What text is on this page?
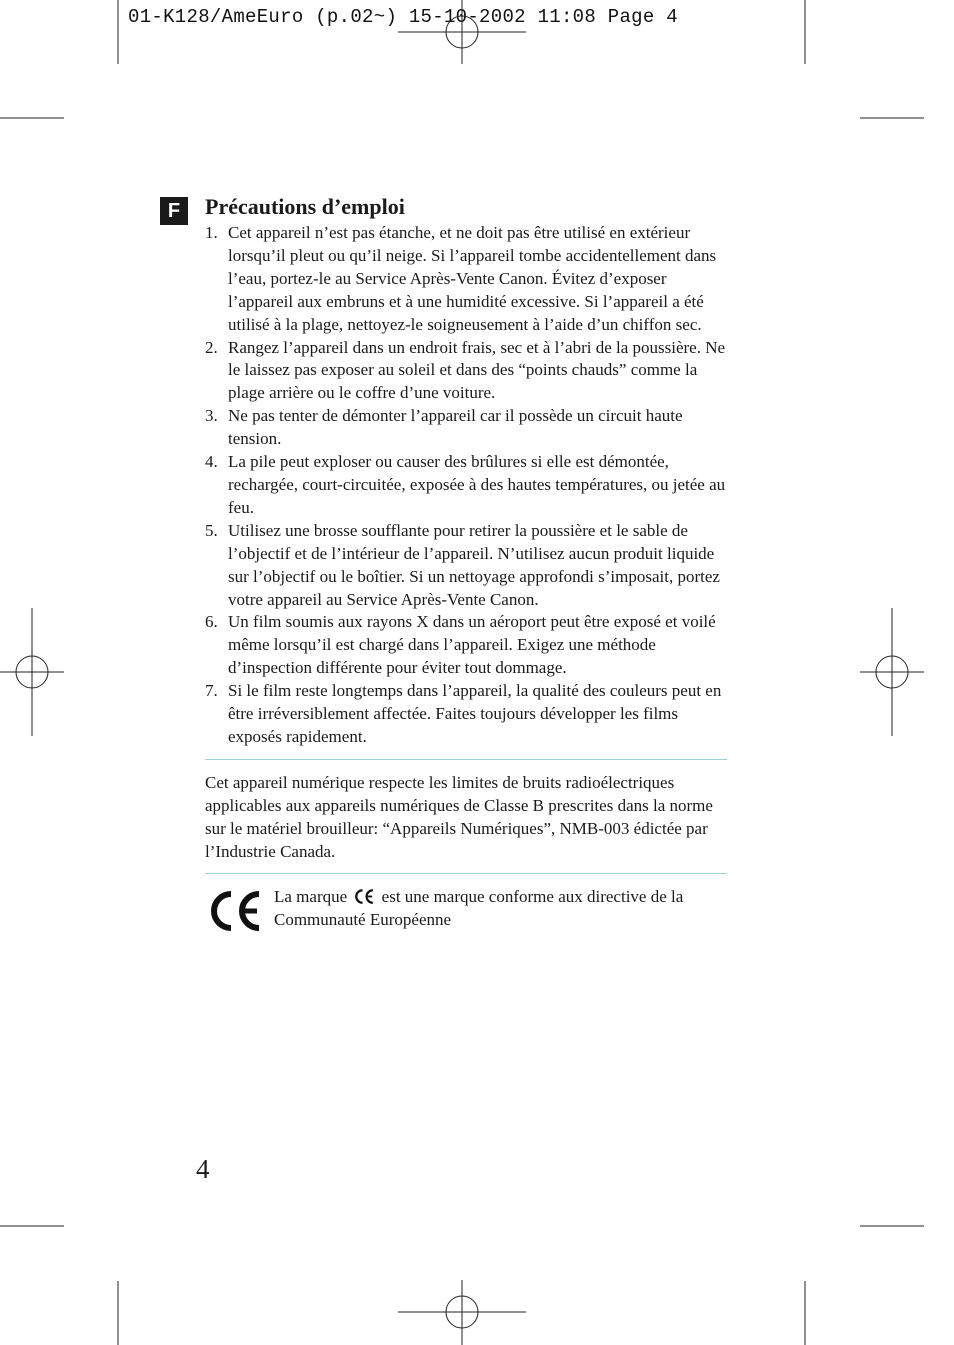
01-K128/AmeEuro (p.02~) 15-10-2002 11:08 Page 4
F	Précautions d’emploi
1. Cet appareil n’est pas étanche, et ne doit pas être utilisé en extérieur lorsqu’il pleut ou qu’il neige. Si l’appareil tombe accidentellement dans l’eau, portez-le au Service Après-Vente Canon. Évitez d’exposer l’appareil aux embruns et à une humidité excessive. Si l’appareil a été utilisé à la plage, nettoyez-le soigneusement à l’aide d’un chiffon sec.
2. Rangez l’appareil dans un endroit frais, sec et à l’abri de la poussière. Ne le laissez pas exposer au soleil et dans des “points chauds” comme la plage arrière ou le coffre d’une voiture.
3. Ne pas tenter de démonter l’appareil car il possède un circuit haute tension.
4. La pile peut exploser ou causer des brûlures si elle est démontée, rechargée, court-circuitée, exposée à des hautes températures, ou jetée au feu.
5. Utilisez une brosse soufflante pour retirer la poussière et le sable de l’objectif et de l’intérieur de l’appareil. N’utilisez aucun produit liquide sur l’objectif ou le boîtier. Si un nettoyage approfondi s’imposait, portez votre appareil au Service Après-Vente Canon.
6. Un film soumis aux rayons X dans un aéroport peut être exposé et voilé même lorsqu’il est chargé dans l’appareil. Exigez une méthode d’inspection différente pour éviter tout dommage.
7. Si le film reste longtemps dans l’appareil, la qualité des couleurs peut en être irréversiblement affectée. Faites toujours développer les films exposés rapidement.

Cet appareil numérique respecte les limites de bruits radioélectriques applicables aux appareils numériques de Classe B prescrites dans la norme sur le matériel brouilleur: “Appareils Numériques”, NMB-003 édictée par l’Industrie Canada.

La marque est une marque conforme aux directive de la Communauté Européenne
4
